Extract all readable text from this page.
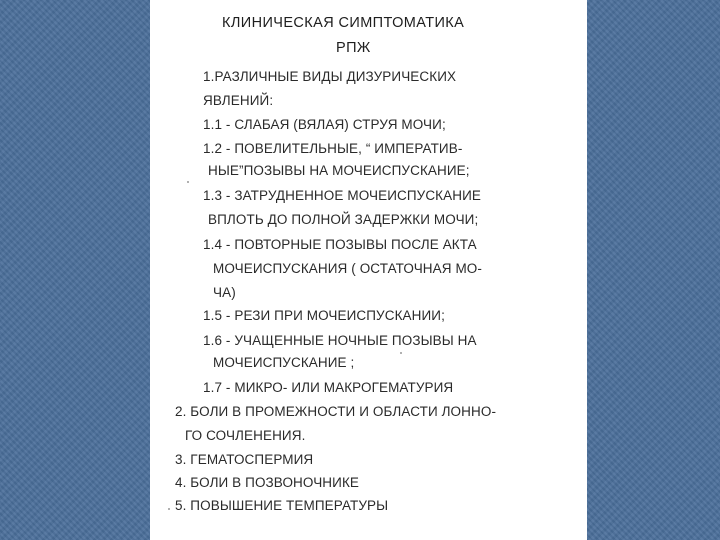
КЛИНИЧЕСКАЯ СИМПТОМАТИКА

РПЖ

1.РАЗЛИЧНЫЕ ВИДЫ ДИЗУРИЧЕСКИХ

ЯВЛЕНИЙ:

1.1 - СЛАБАЯ (ВЯЛАЯ) СТРУЯ МОЧИ;

1.2 - ПОВЕЛИТЕЛЬНЫЕ, “ ИМПЕРАТИВ-

НЫЕ”ПОЗЫВЫ НА МОЧЕИСПУСКАНИЕ;

1.3 - ЗАТРУДНЕННОЕ МОЧЕИСПУСКАНИЕ

ВПЛОТЬ ДО ПОЛНОЙ ЗАДЕРЖКИ МОЧИ;

1.4 - ПОВТОРНЫЕ ПОЗЫВЫ ПОСЛЕ АКТА

МОЧЕИСПУСКАНИЯ ( ОСТАТОЧНАЯ МО-

ЧА)

1.5 - РЕЗИ ПРИ МОЧЕИСПУСКАНИИ;

1.6 - УЧАЩЕННЫЕ НОЧНЫЕ ПОЗЫВЫ НА

МОЧЕИСПУСКАНИЕ ;

1.7 - МИКРО- ИЛИ МАКРОГЕМАТУРИЯ

2. БОЛИ В ПРОМЕЖНОСТИ И ОБЛАСТИ ЛОННО-

ГО СОЧЛЕНЕНИЯ.

3. ГЕМАТОСПЕРМИЯ

4. БОЛИ В ПОЗВОНОЧНИКЕ

5. ПОВЫШЕНИЕ ТЕМПЕРАТУРЫ
